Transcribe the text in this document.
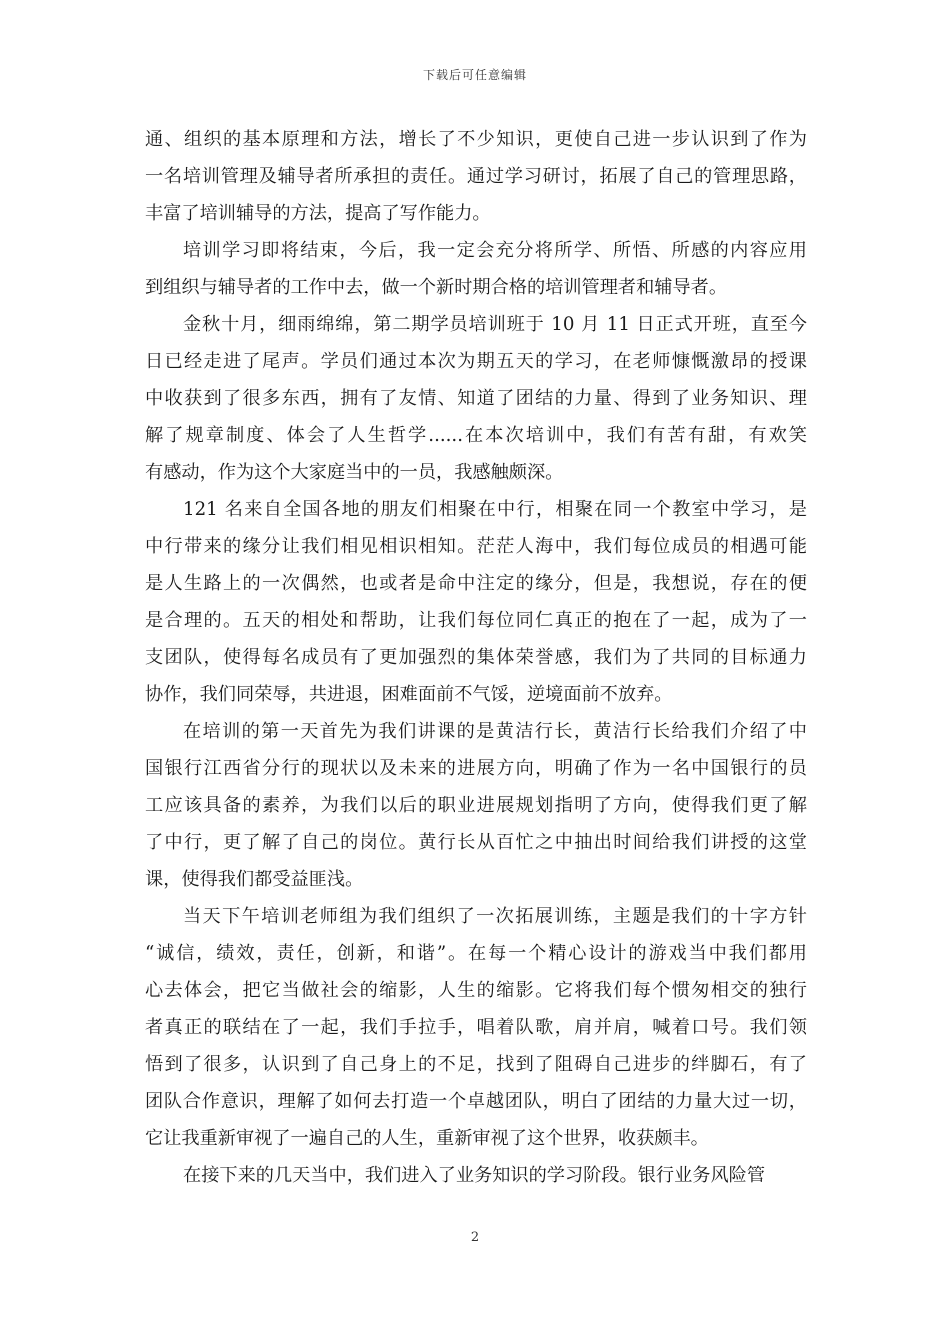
下载后可任意编辑
通、组织的基本原理和方法，增长了不少知识，更使自己进一步认识到了作为
一名培训管理及辅导者所承担的责任。通过学习研讨，拓展了自己的管理思路，
丰富了培训辅导的方法，提高了写作能力。
培训学习即将结束，今后，我一定会充分将所学、所悟、所感的内容应用
到组织与辅导者的工作中去，做一个新时期合格的培训管理者和辅导者。
金秋十月，细雨绵绵，第二期学员培训班于 10 月 11 日正式开班，直至今
日已经走进了尾声。学员们通过本次为期五天的学习，在老师慷慨激昂的授课
中收获到了很多东西，拥有了友情、知道了团结的力量、得到了业务知识、理
解了规章制度、体会了人生哲学......在本次培训中，我们有苦有甜，有欢笑
有感动，作为这个大家庭当中的一员，我感触颇深。
121 名来自全国各地的朋友们相聚在中行，相聚在同一个教室中学习，是
中行带来的缘分让我们相见相识相知。茫茫人海中，我们每位成员的相遇可能
是人生路上的一次偶然，也或者是命中注定的缘分，但是，我想说，存在的便
是合理的。五天的相处和帮助，让我们每位同仁真正的抱在了一起，成为了一
支团队，使得每名成员有了更加强烈的集体荣誉感，我们为了共同的目标通力
协作，我们同荣辱，共进退，困难面前不气馁，逆境面前不放弃。
在培训的第一天首先为我们讲课的是黄洁行长，黄洁行长给我们介绍了中
国银行江西省分行的现状以及未来的进展方向，明确了作为一名中国银行的员
工应该具备的素养，为我们以后的职业进展规划指明了方向，使得我们更了解
了中行，更了解了自己的岗位。黄行长从百忙之中抽出时间给我们讲授的这堂
课，使得我们都受益匪浅。
当天下午培训老师组为我们组织了一次拓展训练，主题是我们的十字方针
“诚信，绩效，责任，创新，和谐”。在每一个精心设计的游戏当中我们都用
心去体会，把它当做社会的缩影，人生的缩影。它将我们每个惯匆相交的独行
者真正的联结在了一起，我们手拉手，唱着队歌，肩并肩，喊着口号。我们领
悟到了很多，认识到了自己身上的不足，找到了阻碍自己进步的绊脚石，有了
团队合作意识，理解了如何去打造一个卓越团队，明白了团结的力量大过一切，
它让我重新审视了一遍自己的人生，重新审视了这个世界，收获颇丰。
在接下来的几天当中，我们进入了业务知识的学习阶段。银行业务风险管
2
